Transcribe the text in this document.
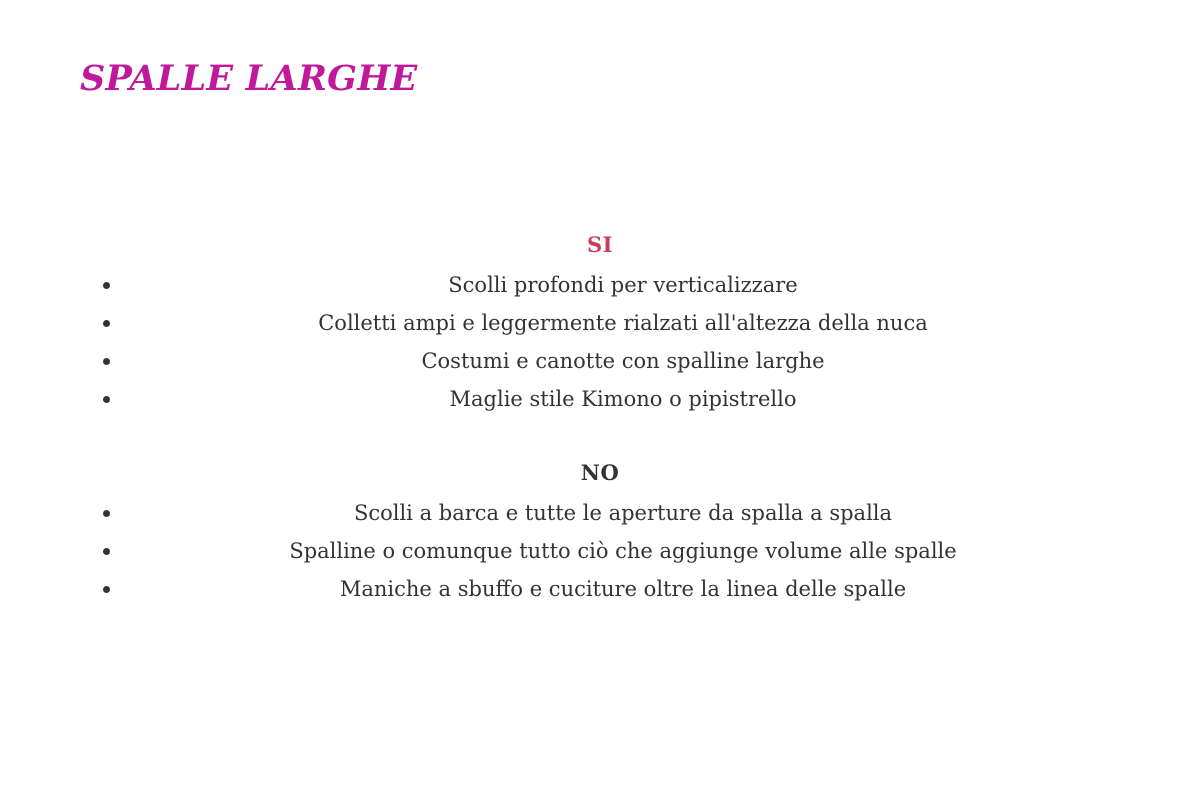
SPALLE LARGHE
SI
Scolli profondi per verticalizzare
Colletti ampi e leggermente rialzati all'altezza della nuca
Costumi e canotte con spalline larghe
Maglie stile Kimono o pipistrello
NO
Scolli a barca e tutte le aperture da spalla a spalla
Spalline o comunque tutto ciò che aggiunge volume alle spalle
Maniche a sbuffo e cuciture oltre la linea delle spalle
